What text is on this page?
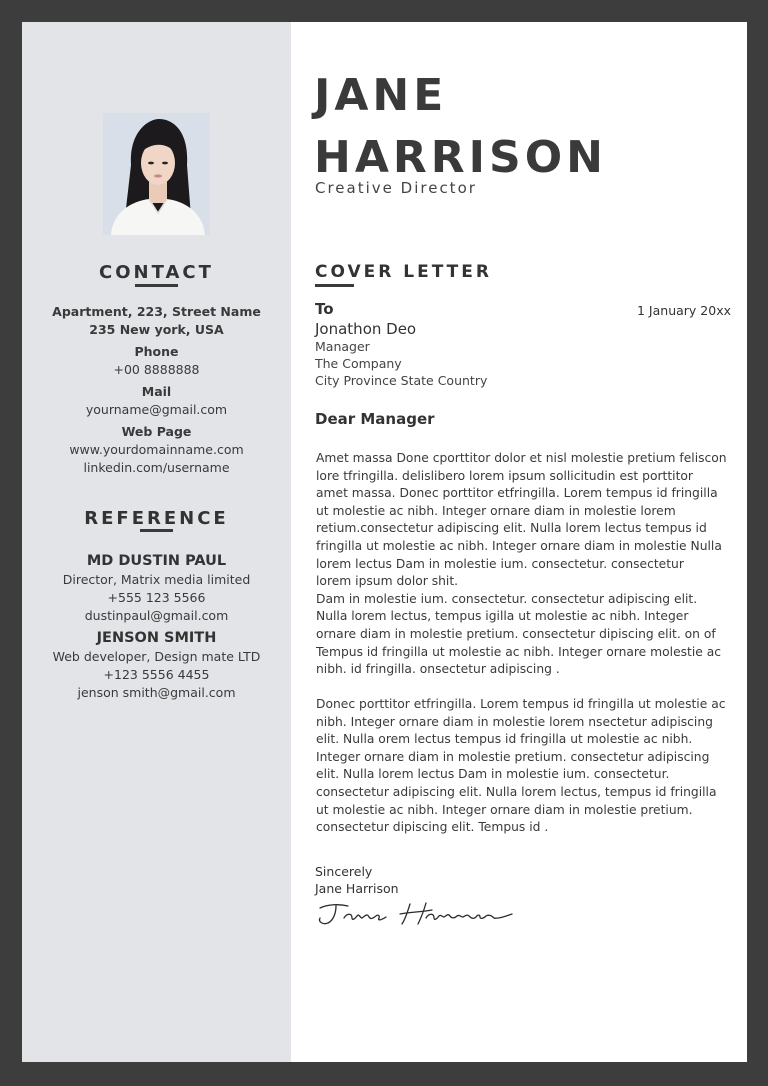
CONTACT
Apartment, 223, Street Name
235 New york, USA
Phone
+00 8888888
Mail
yourname@gmail.com
Web Page
www.yourdomainname.com
linkedin.com/username
REFERENCE
MD DUSTIN PAUL
Director, Matrix media limited
+555 123 5566
dustinpaul@gmail.com
JENSON SMITH
Web developer, Design mate LTD
+123 5556 4455
jenson smith@gmail.com
JANE
HARRISON
Creative Director
COVER LETTER
To	1 January 20xx
Jonathon Deo
Manager
The Company
City Province State Country
Dear Manager
Amet massa Done cporttitor dolor et nisl molestie pretium feliscon
lore tfringilla. delislibero lorem ipsum sollicitudin est porttitor
amet massa. Donec porttitor etfringilla. Lorem tempus id fringilla
ut molestie ac nibh. Integer ornare diam in molestie lorem
retium.consectetur adipiscing elit. Nulla lorem lectus tempus id
fringilla ut molestie ac nibh. Integer ornare diam in molestie Nulla
lorem lectus Dam in molestie ium. consectetur. consectetur
lorem ipsum dolor shit.
Dam in molestie ium. consectetur. consectetur adipiscing elit.
Nulla lorem lectus, tempus igilla ut molestie ac nibh. Integer
ornare diam in molestie pretium. consectetur dipiscing elit. on of
Tempus id fringilla ut molestie ac nibh. Integer ornare molestie ac
nibh. id fringilla. onsectetur adipiscing .
Donec porttitor etfringilla. Lorem tempus id fringilla ut molestie ac
nibh. Integer ornare diam in molestie lorem nsectetur adipiscing
elit. Nulla orem lectus tempus id fringilla ut molestie ac nibh.
Integer ornare diam in molestie pretium. consectetur adipiscing
elit. Nulla lorem lectus Dam in molestie ium. consectetur.
consectetur adipiscing elit. Nulla lorem lectus, tempus id fringilla
ut molestie ac nibh. Integer ornare diam in molestie pretium.
consectetur dipiscing elit. Tempus id .
Sincerely
Jane Harrison
